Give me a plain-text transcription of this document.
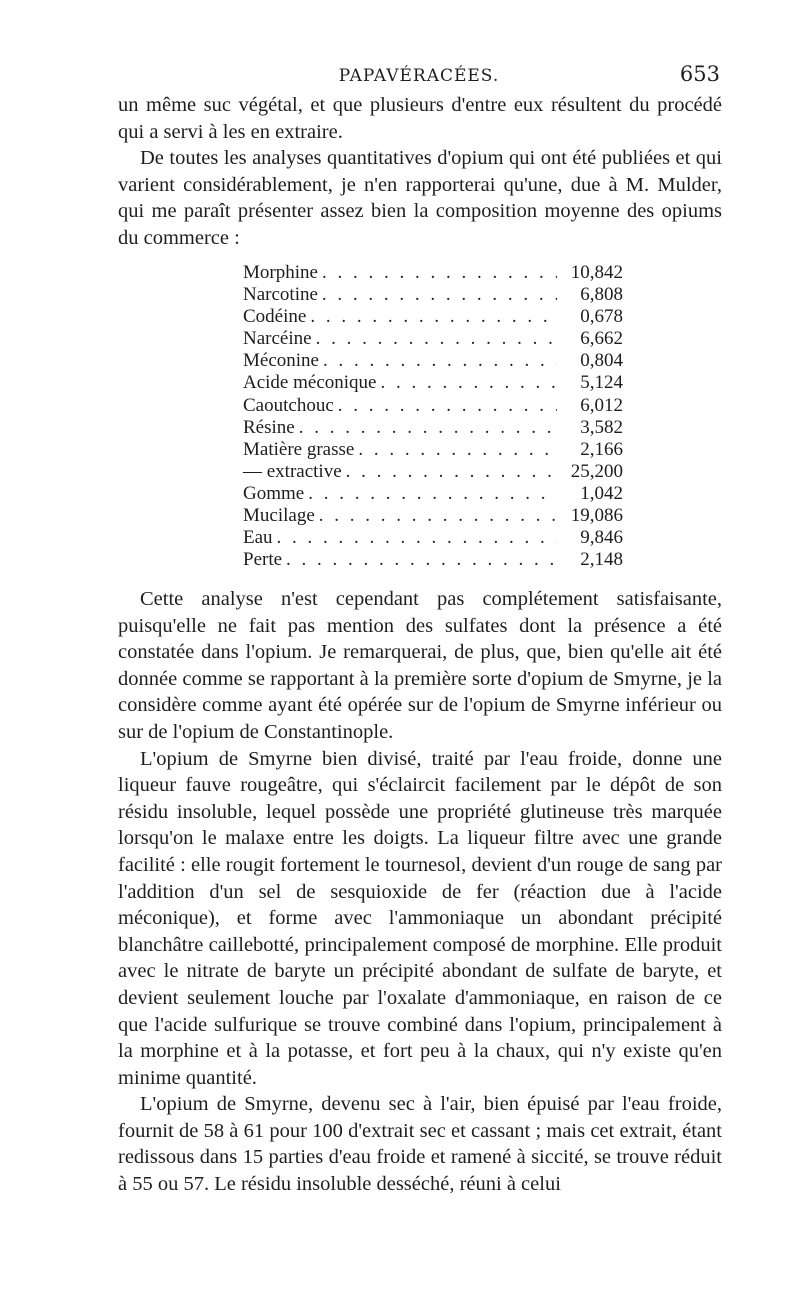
PAPAVÉRACÉES.	653

un même suc végétal, et que plusieurs d'entre eux résultent du procédé qui a servi à les en extraire.

De toutes les analyses quantitatives d'opium qui ont été publiées et qui varient considérablement, je n'en rapporterai qu'une, due à M. Mulder, qui me paraît présenter assez bien la composition moyenne des opiums du commerce :

Morphine . . .	10,842
Narcotine . . .	6,808
Codéine . . .	0,678
Narcéine . . .	6,662
Méconine . . .	0,804
Acide méconique . . .	5,124
Caoutchouc . . .	6,012
Résine . . .	3,582
Matière grasse . . .	2,166
— extractive . . .	25,200
Gomme . . .	1,042
Mucilage . . .	19,086
Eau . . .	9,846
Perte . . .	2,148

Cette analyse n'est cependant pas complétement satisfaisante, puisqu'elle ne fait pas mention des sulfates dont la présence a été constatée dans l'opium. Je remarquerai, de plus, que, bien qu'elle ait été donnée comme se rapportant à la première sorte d'opium de Smyrne, je la considère comme ayant été opérée sur de l'opium de Smyrne inférieur ou sur de l'opium de Constantinople.

L'opium de Smyrne bien divisé, traité par l'eau froide, donne une liqueur fauve rougeâtre, qui s'éclaircit facilement par le dépôt de son résidu insoluble, lequel possède une propriété glutineuse très marquée lorsqu'on le malaxe entre les doigts. La liqueur filtre avec une grande facilité : elle rougit fortement le tournesol, devient d'un rouge de sang par l'addition d'un sel de sesquioxide de fer (réaction due à l'acide méconique), et forme avec l'ammoniaque un abondant précipité blanchâtre caillebotté, principalement composé de morphine. Elle produit avec le nitrate de baryte un précipité abondant de sulfate de baryte, et devient seulement louche par l'oxalate d'ammoniaque, en raison de ce que l'acide sulfurique se trouve combiné dans l'opium, principalement à la morphine et à la potasse, et fort peu à la chaux, qui n'y existe qu'en minime quantité.

L'opium de Smyrne, devenu sec à l'air, bien épuisé par l'eau froide, fournit de 58 à 61 pour 100 d'extrait sec et cassant ; mais cet extrait, étant redissous dans 15 parties d'eau froide et ramené à siccité, se trouve réduit à 55 ou 57. Le résidu insoluble desséché, réuni à celui
